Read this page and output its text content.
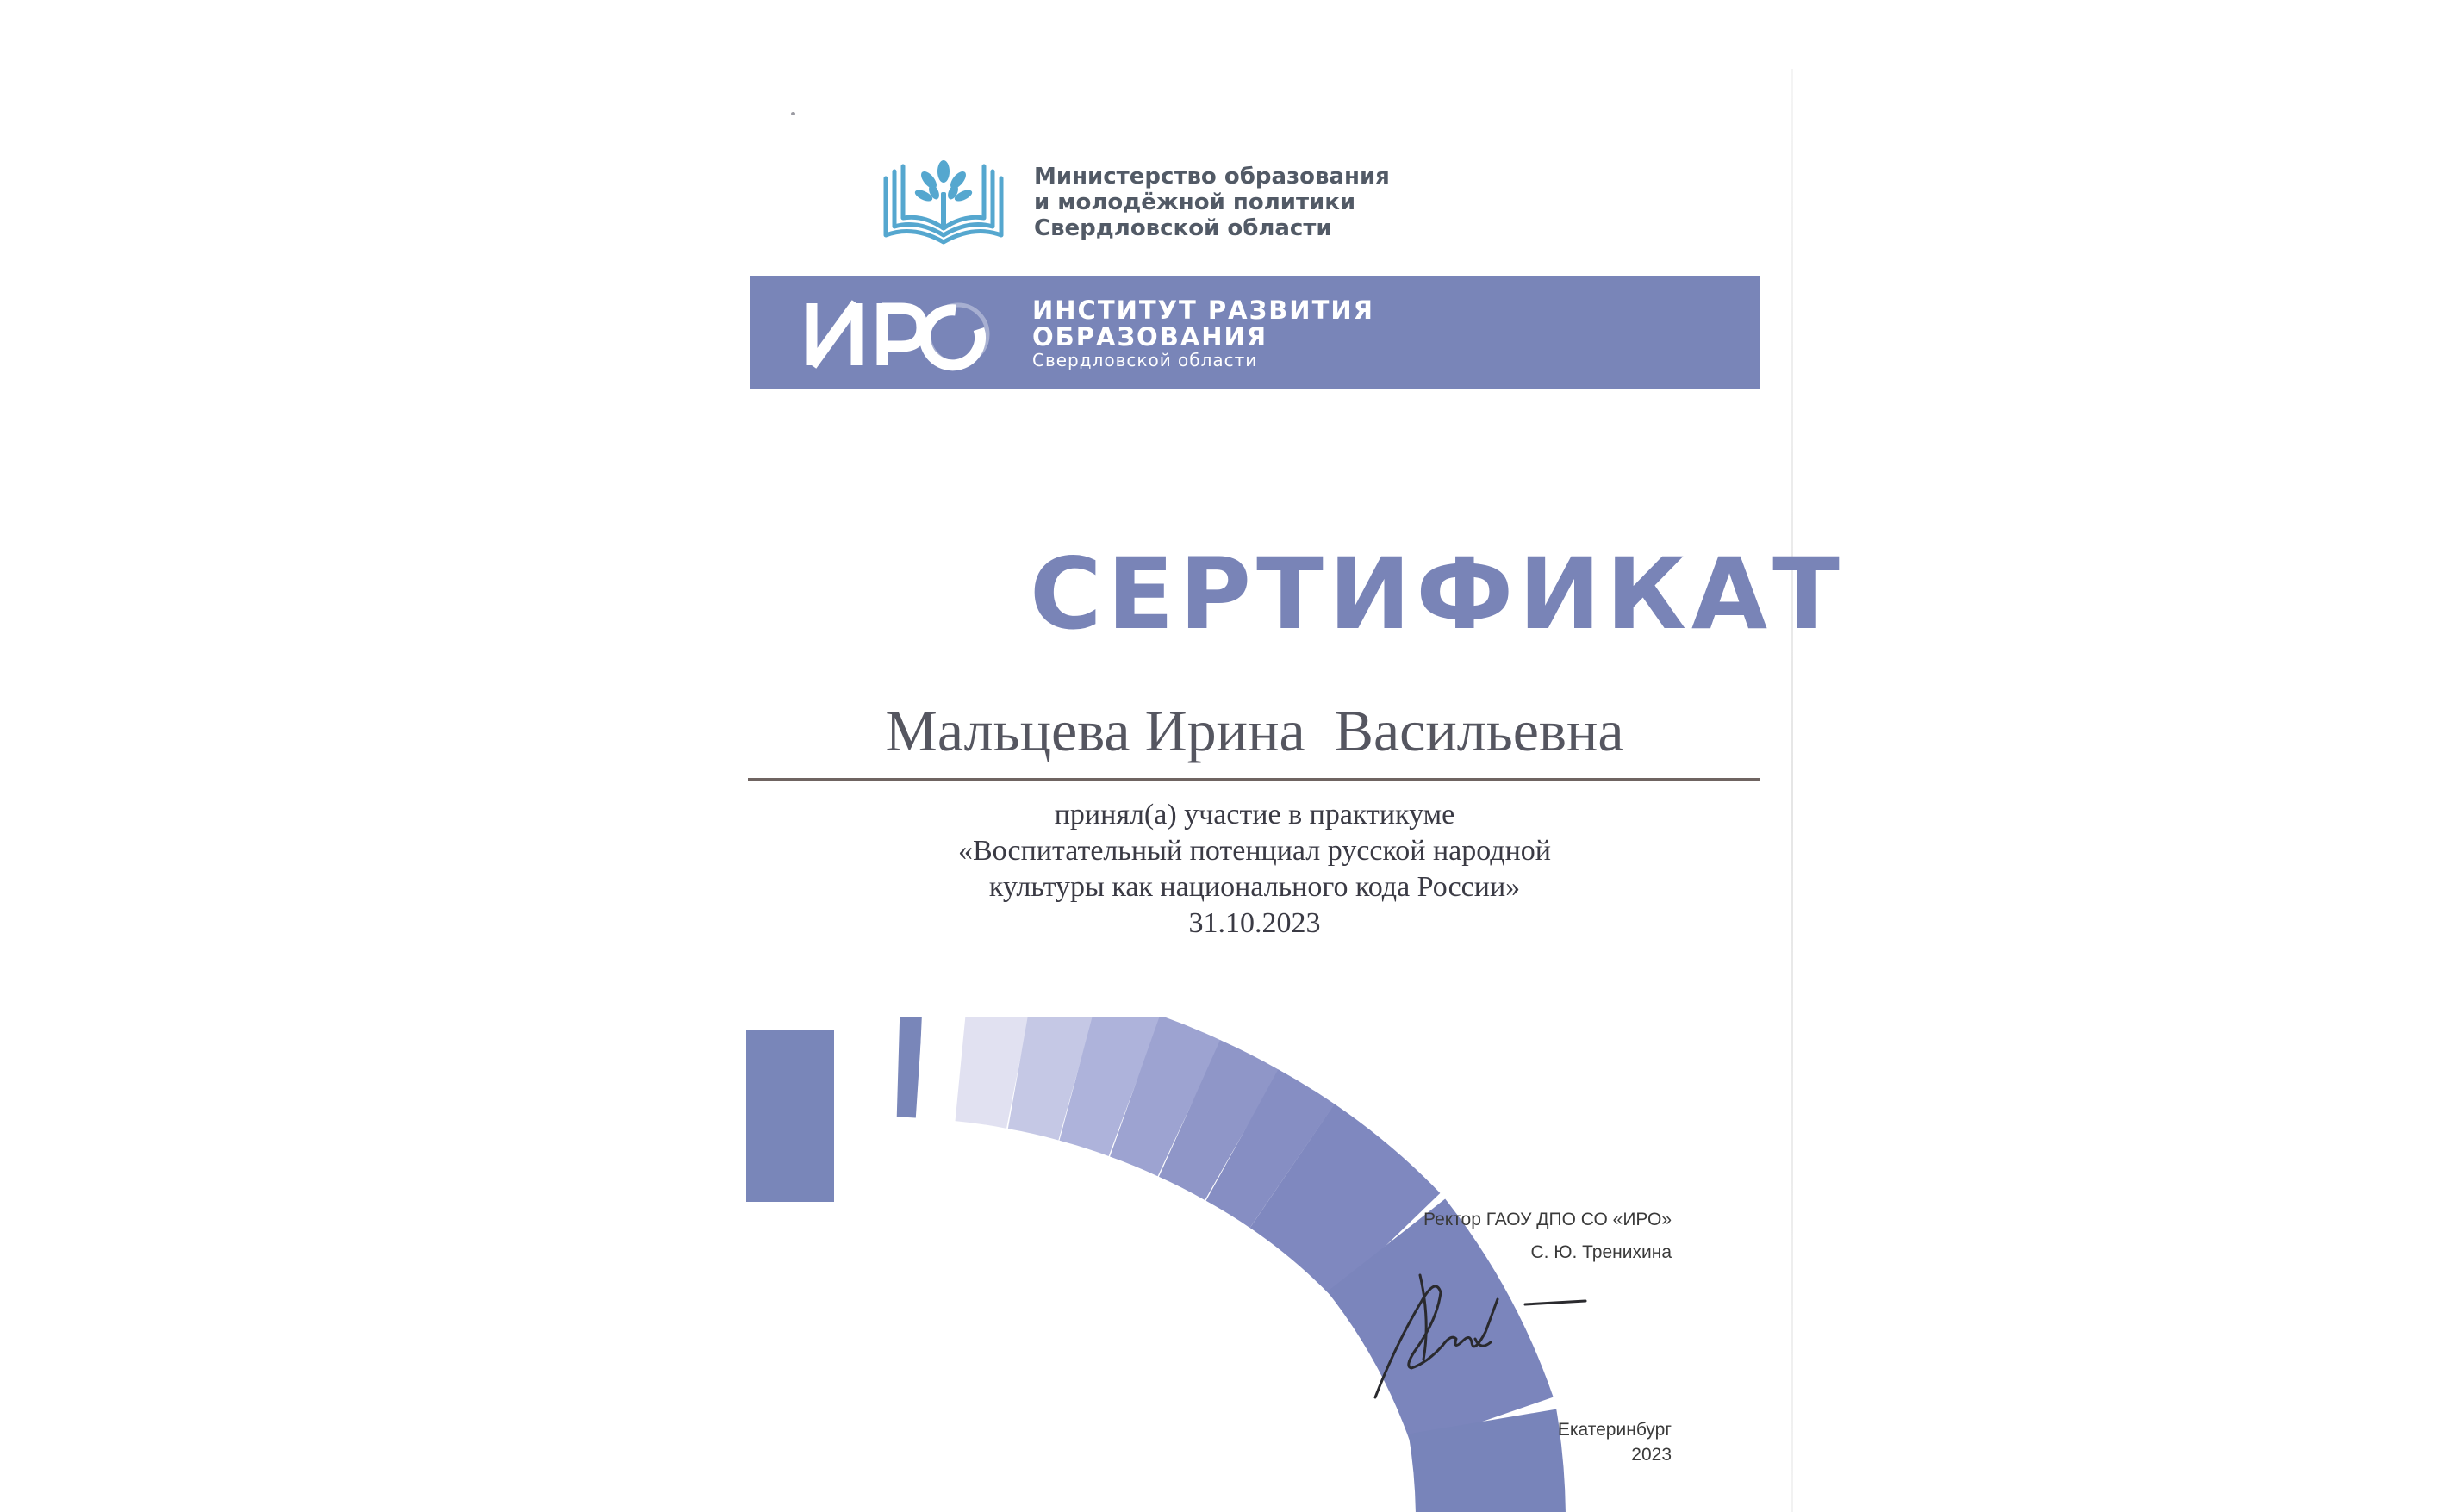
Министерство образования
и молодёжной политики
Свердловской области
ИНСТИТУТ РАЗВИТИЯ
ОБРАЗОВАНИЯ
Свердловской области
СЕРТИФИКАТ
Мальцева Ирина  Васильевна
принял(а) участие в практикуме
«Воспитательный потенциал русской народной
культуры как национального кода России»
31.10.2023
Ректор ГАОУ ДПО СО «ИРО»
С. Ю. Тренихина
Екатеринбург
2023
